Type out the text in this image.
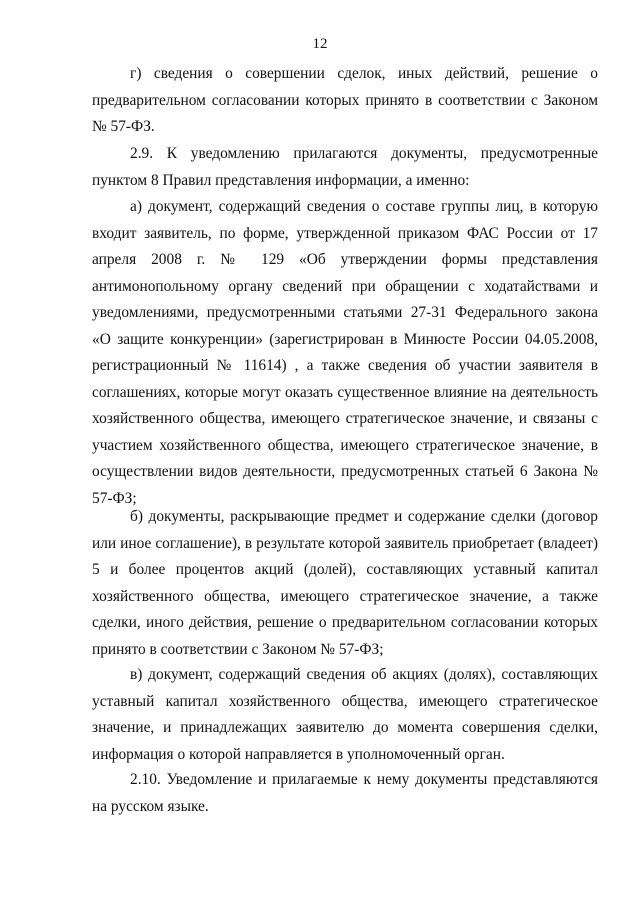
12

г) сведения о совершении сделок, иных действий, решение о предварительном согласовании которых принято в соответствии с Законом № 57-ФЗ.

2.9. К уведомлению прилагаются документы, предусмотренные пунктом 8 Правил представления информации, а именно:

а) документ, содержащий сведения о составе группы лиц, в которую входит заявитель, по форме, утвержденной приказом ФАС России от 17 апреля 2008 г. № 129 «Об утверждении формы представления антимонопольному органу сведений при обращении с ходатайствами и уведомлениями, предусмотренными статьями 27-31 Федерального закона «О защите конкуренции» (зарегистрирован в Минюсте России 04.05.2008, регистрационный № 11614) , а также сведения об участии заявителя в соглашениях, которые могут оказать существенное влияние на деятельность хозяйственного общества, имеющего стратегическое значение, и связаны с участием хозяйственного общества, имеющего стратегическое значение, в осуществлении видов деятельности, предусмотренных статьей 6 Закона № 57-ФЗ;

б) документы, раскрывающие предмет и содержание сделки (договор или иное соглашение), в результате которой заявитель приобретает (владеет) 5 и более процентов акций (долей), составляющих уставный капитал хозяйственного общества, имеющего стратегическое значение, а также сделки, иного действия, решение о предварительном согласовании которых принято в соответствии с Законом № 57-ФЗ;

в) документ, содержащий сведения об акциях (долях), составляющих уставный капитал хозяйственного общества, имеющего стратегическое значение, и принадлежащих заявителю до момента совершения сделки, информация о которой направляется в уполномоченный орган.

2.10. Уведомление и прилагаемые к нему документы представляются на русском языке.
